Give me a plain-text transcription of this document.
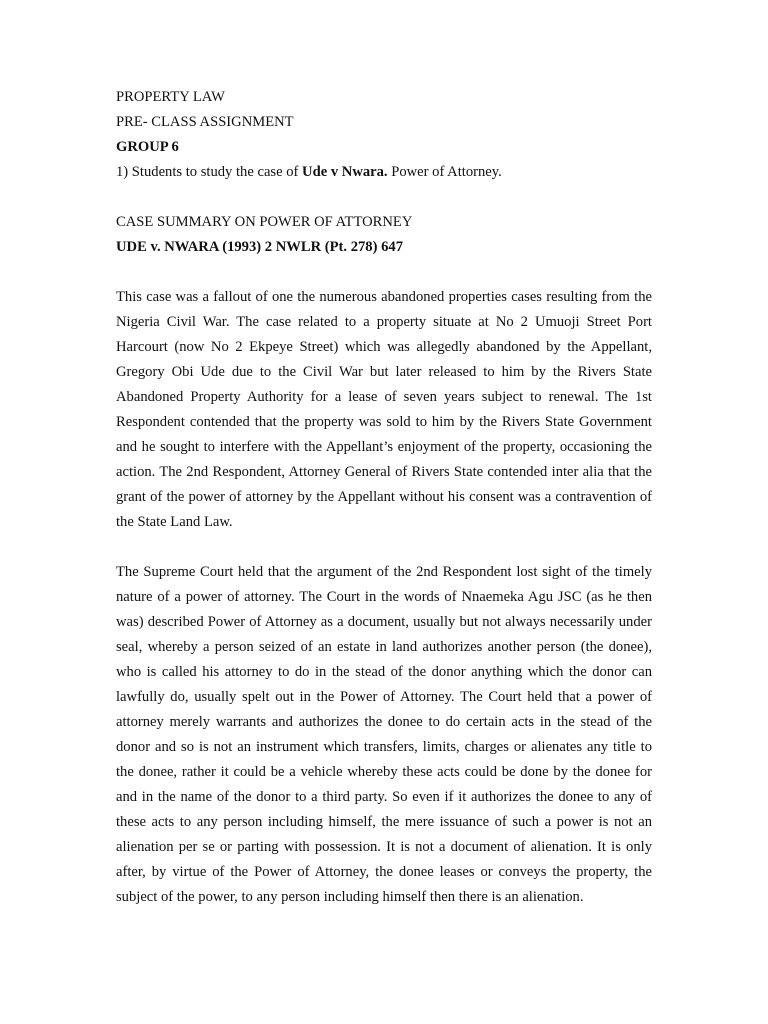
PROPERTY LAW
PRE- CLASS ASSIGNMENT
GROUP 6
1) Students to study the case of Ude v Nwara. Power of Attorney.
CASE SUMMARY ON POWER OF ATTORNEY
UDE v. NWARA (1993) 2 NWLR (Pt. 278) 647

This case was a fallout of one the numerous abandoned properties cases resulting from the Nigeria Civil War. The case related to a property situate at No 2 Umuoji Street Port Harcourt (now No 2 Ekpeye Street) which was allegedly abandoned by the Appellant, Gregory Obi Ude due to the Civil War but later released to him by the Rivers State Abandoned Property Authority for a lease of seven years subject to renewal. The 1st Respondent contended that the property was sold to him by the Rivers State Government and he sought to interfere with the Appellant’s enjoyment of the property, occasioning the action. The 2nd Respondent, Attorney General of Rivers State contended inter alia that the grant of the power of attorney by the Appellant without his consent was a contravention of the State Land Law.

The Supreme Court held that the argument of the 2nd Respondent lost sight of the timely nature of a power of attorney. The Court in the words of Nnaemeka Agu JSC (as he then was) described Power of Attorney as a document, usually but not always necessarily under seal, whereby a person seized of an estate in land authorizes another person (the donee), who is called his attorney to do in the stead of the donor anything which the donor can lawfully do, usually spelt out in the Power of Attorney. The Court held that a power of attorney merely warrants and authorizes the donee to do certain acts in the stead of the donor and so is not an instrument which transfers, limits, charges or alienates any title to the donee, rather it could be a vehicle whereby these acts could be done by the donee for and in the name of the donor to a third party. So even if it authorizes the donee to any of these acts to any person including himself, the mere issuance of such a power is not an alienation per se or parting with possession. It is not a document of alienation. It is only after, by virtue of the Power of Attorney, the donee leases or conveys the property, the subject of the power, to any person including himself then there is an alienation.
